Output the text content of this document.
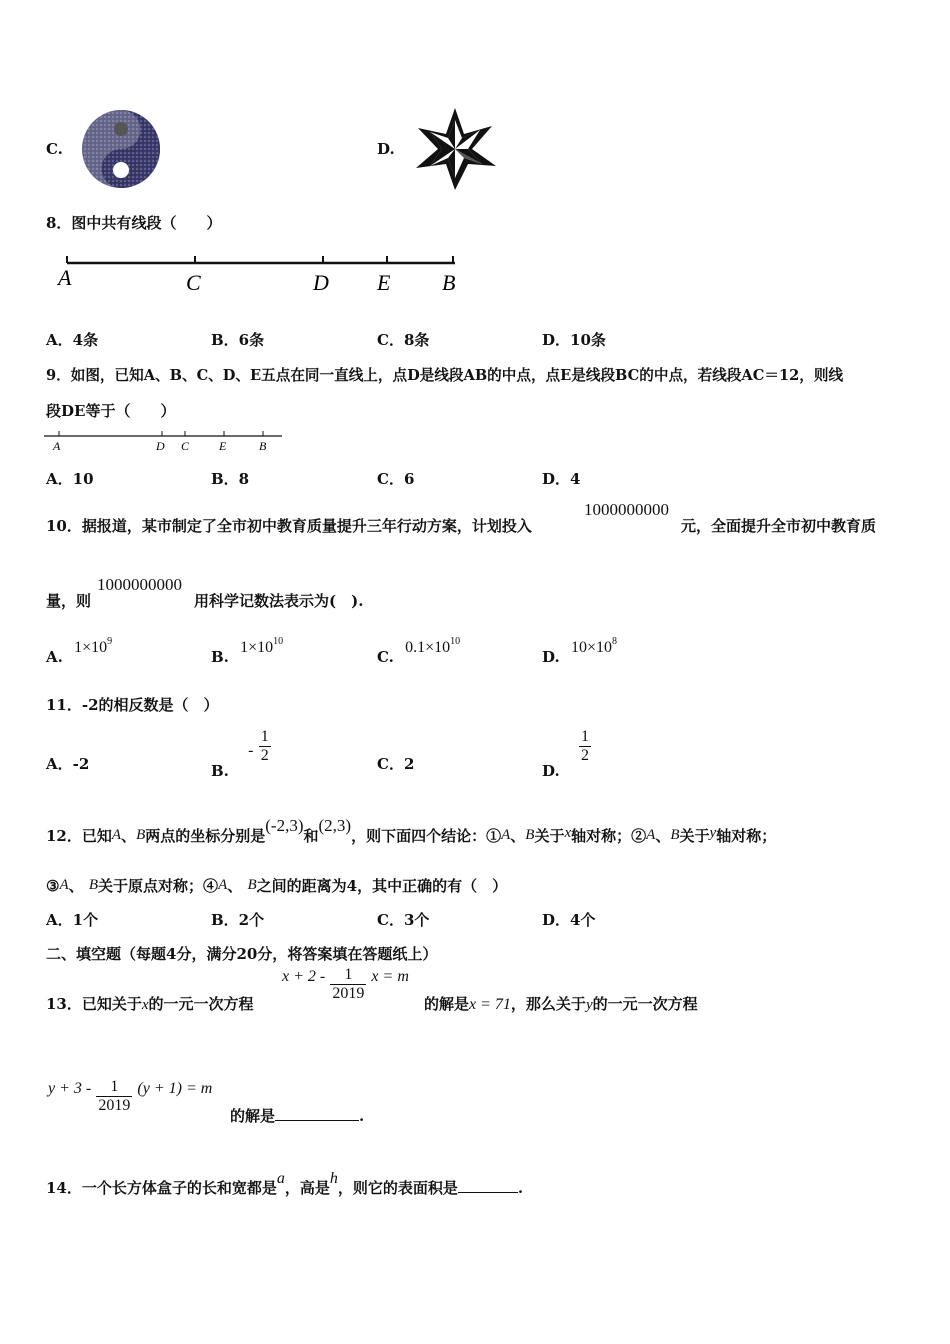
C.	D.
8．图中共有线段（　　）
A	C	D E B
A．4条	B．6条	C．8条	D．10条
9．如图，已知A、B、C、D、E五点在同一直线上，点D是线段AB的中点，点E是线段BC的中点，若线段AC＝12，则线
段DE等于（　　）
A	D C E	B
A．10	B．8	C．6	D．4
10．据报道，某市制定了全市初中教育质量提升三年行动方案，计划投入
1000000000
元，全面提升全市初中教育质
量，则
1000000000
用科学记数法表示为(　).
A. $1\times 10^9$
B. $1\times 10^{10}$
C. $0.1\times 10^{10}$
D. $10\times 10^8$
11．-2的相反数是（　）
A．-2	B. - $\frac{1}{2}$	C．2	D.
$\frac{1}{2}$
12．已知A、B两点的坐标分别是(-2,3)和(2,3)，则下面四个结论：①A、B关于x轴对称；②A、B关于y轴对称；
③A、 B关于原点对称；④A、 B之间的距离为4，其中正确的有（　）
A．1个	B．2个	C．3个	D．4个
二、填空题（每题4分，满分20分，将答案填在答题纸上）
13．已知关于x的一元一次方程
$x + 2 - \frac{1}{2019}$ x = m
的解是x = 71，那么关于y的一元一次方程
$y + 3 - \frac{1}{2019} (y + 1) = m$
的解是	.
14．一个长方体盒子的长和宽都是a，高是h，则它的表面积是	.
